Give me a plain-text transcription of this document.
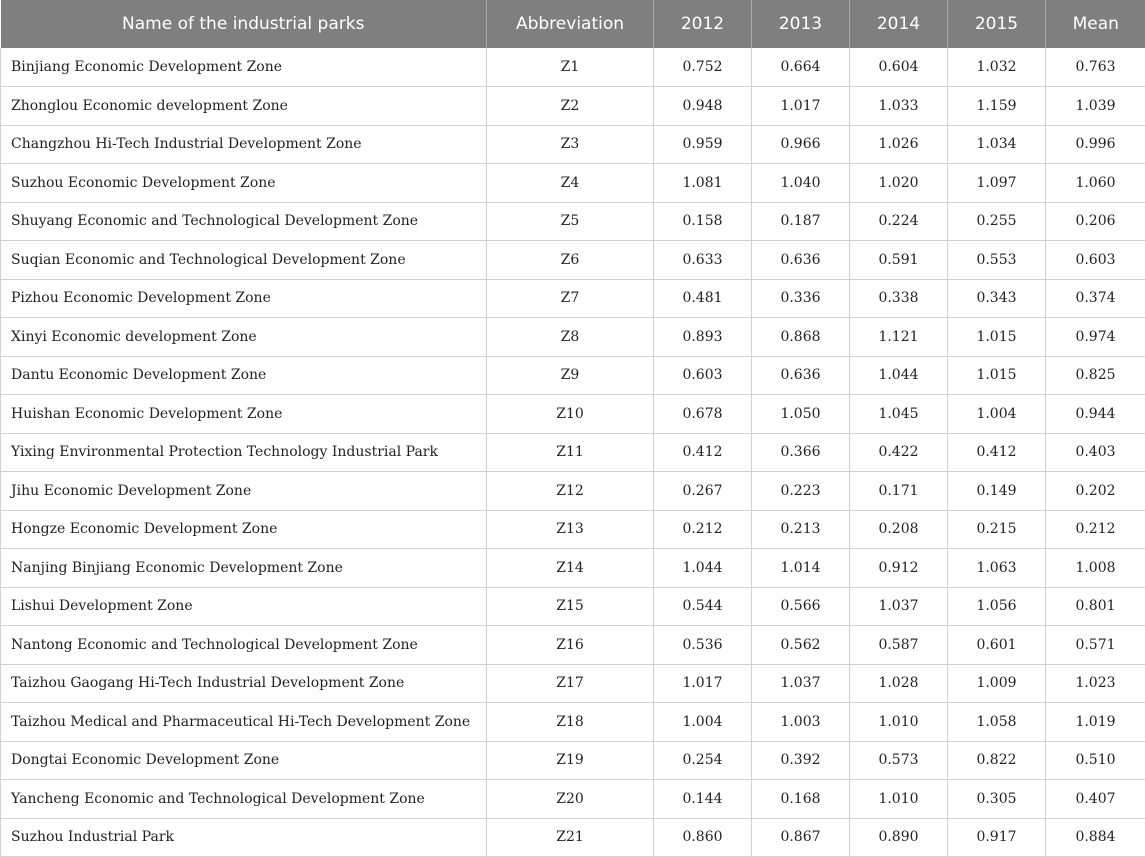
Name of the industrial parks	Abbreviation	2012	2013	2014	2015	Mean
Binjiang Economic Development Zone	Z1	0.752	0.664	0.604	1.032	0.763
Zhonglou Economic development Zone	Z2	0.948	1.017	1.033	1.159	1.039
Changzhou Hi-Tech Industrial Development Zone	Z3	0.959	0.966	1.026	1.034	0.996
Suzhou Economic Development Zone	Z4	1.081	1.040	1.020	1.097	1.060
Shuyang Economic and Technological Development Zone	Z5	0.158	0.187	0.224	0.255	0.206
Suqian Economic and Technological Development Zone	Z6	0.633	0.636	0.591	0.553	0.603
Pizhou Economic Development Zone	Z7	0.481	0.336	0.338	0.343	0.374
Xinyi Economic development Zone	Z8	0.893	0.868	1.121	1.015	0.974
Dantu Economic Development Zone	Z9	0.603	0.636	1.044	1.015	0.825
Huishan Economic Development Zone	Z10	0.678	1.050	1.045	1.004	0.944
Yixing Environmental Protection Technology Industrial Park	Z11	0.412	0.366	0.422	0.412	0.403
Jihu Economic Development Zone	Z12	0.267	0.223	0.171	0.149	0.202
Hongze Economic Development Zone	Z13	0.212	0.213	0.208	0.215	0.212
Nanjing Binjiang Economic Development Zone	Z14	1.044	1.014	0.912	1.063	1.008
Lishui Development Zone	Z15	0.544	0.566	1.037	1.056	0.801
Nantong Economic and Technological Development Zone	Z16	0.536	0.562	0.587	0.601	0.571
Taizhou Gaogang Hi-Tech Industrial Development Zone	Z17	1.017	1.037	1.028	1.009	1.023
Taizhou Medical and Pharmaceutical Hi-Tech Development Zone	Z18	1.004	1.003	1.010	1.058	1.019
Dongtai Economic Development Zone	Z19	0.254	0.392	0.573	0.822	0.510
Yancheng Economic and Technological Development Zone	Z20	0.144	0.168	1.010	0.305	0.407
Suzhou Industrial Park	Z21	0.860	0.867	0.890	0.917	0.884
